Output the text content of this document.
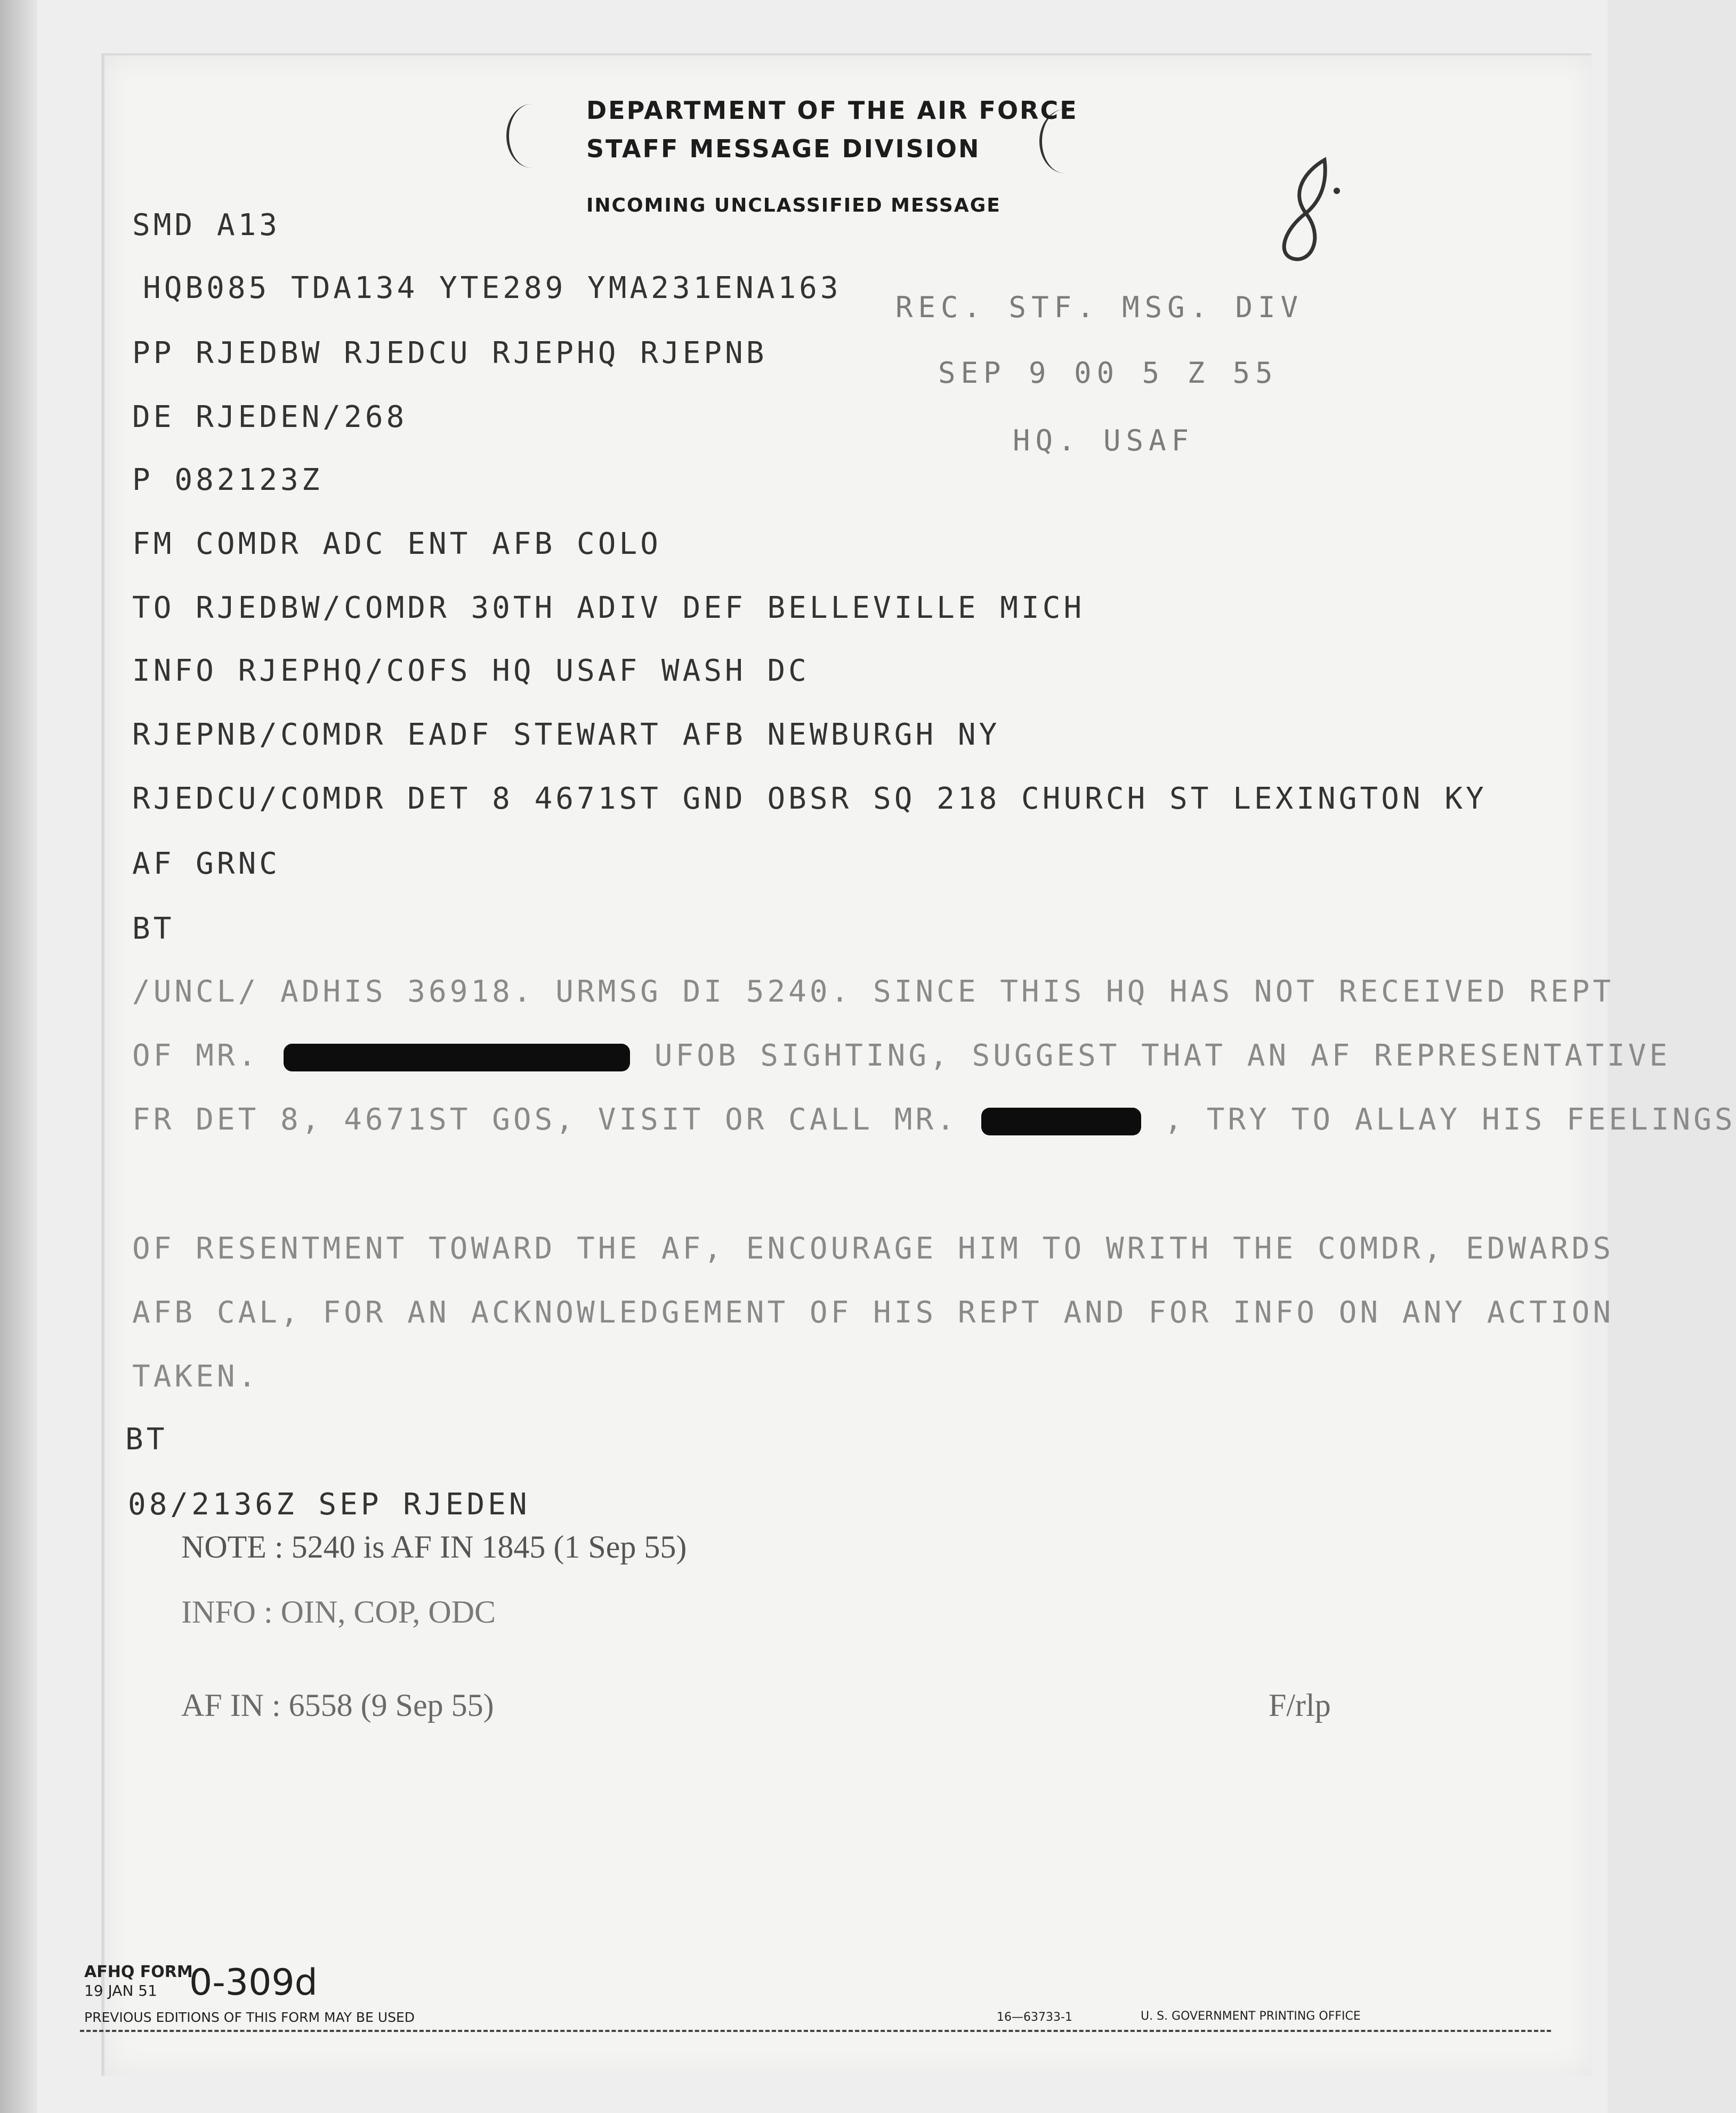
DEPARTMENT OF THE AIR FORCE
STAFF MESSAGE DIVISION
INCOMING UNCLASSIFIED MESSAGE
SMD A13
HQB085 TDA134 YTE289 YMA231ENA163
PP RJEDBW RJEDCU RJEPHQ RJEPNB
DE RJEDEN/268
P 082123Z
REC. STF. MSG. DIV
SEP 9 00 5 Z 55
HQ. USAF
FM COMDR ADC ENT AFB COLO
TO RJEDBW/COMDR 30TH ADIV DEF BELLEVILLE MICH
INFO RJEPHQ/COFS HQ USAF WASH DC
RJEPNB/COMDR EADF STEWART AFB NEWBURGH NY
RJEDCU/COMDR DET 8 4671ST GND OBSR SQ 218 CHURCH ST LEXINGTON KY
AF GRNC
BT
/UNCL/ ADHIS 36918. URMSG DI 5240. SINCE THIS HQ HAS NOT RECEIVED REPT
OF MR.	UFOB SIGHTING, SUGGEST THAT AN AF REPRESENTATIVE
FR DET 8, 4671ST GOS, VISIT OR CALL MR.	, TRY TO ALLAY HIS FEELINGS
OF RESENTMENT TOWARD THE AF, ENCOURAGE HIM TO WRITH THE COMDR, EDWARDS
AFB CAL, FOR AN ACKNOWLEDGEMENT OF HIS REPT AND FOR INFO ON ANY ACTION
TAKEN.
BT
08/2136Z SEP RJEDEN
NOTE : 5240 is AF IN 1845 (1 Sep 55)
INFO : OIN, COP, ODC
AF IN : 6558 (9 Sep 55)	F/rlp
AFHQ FORM
19 JAN 51 0-309d
PREVIOUS EDITIONS OF THIS FORM MAY BE USED	16—63733-1	U. S. GOVERNMENT PRINTING OFFICE
